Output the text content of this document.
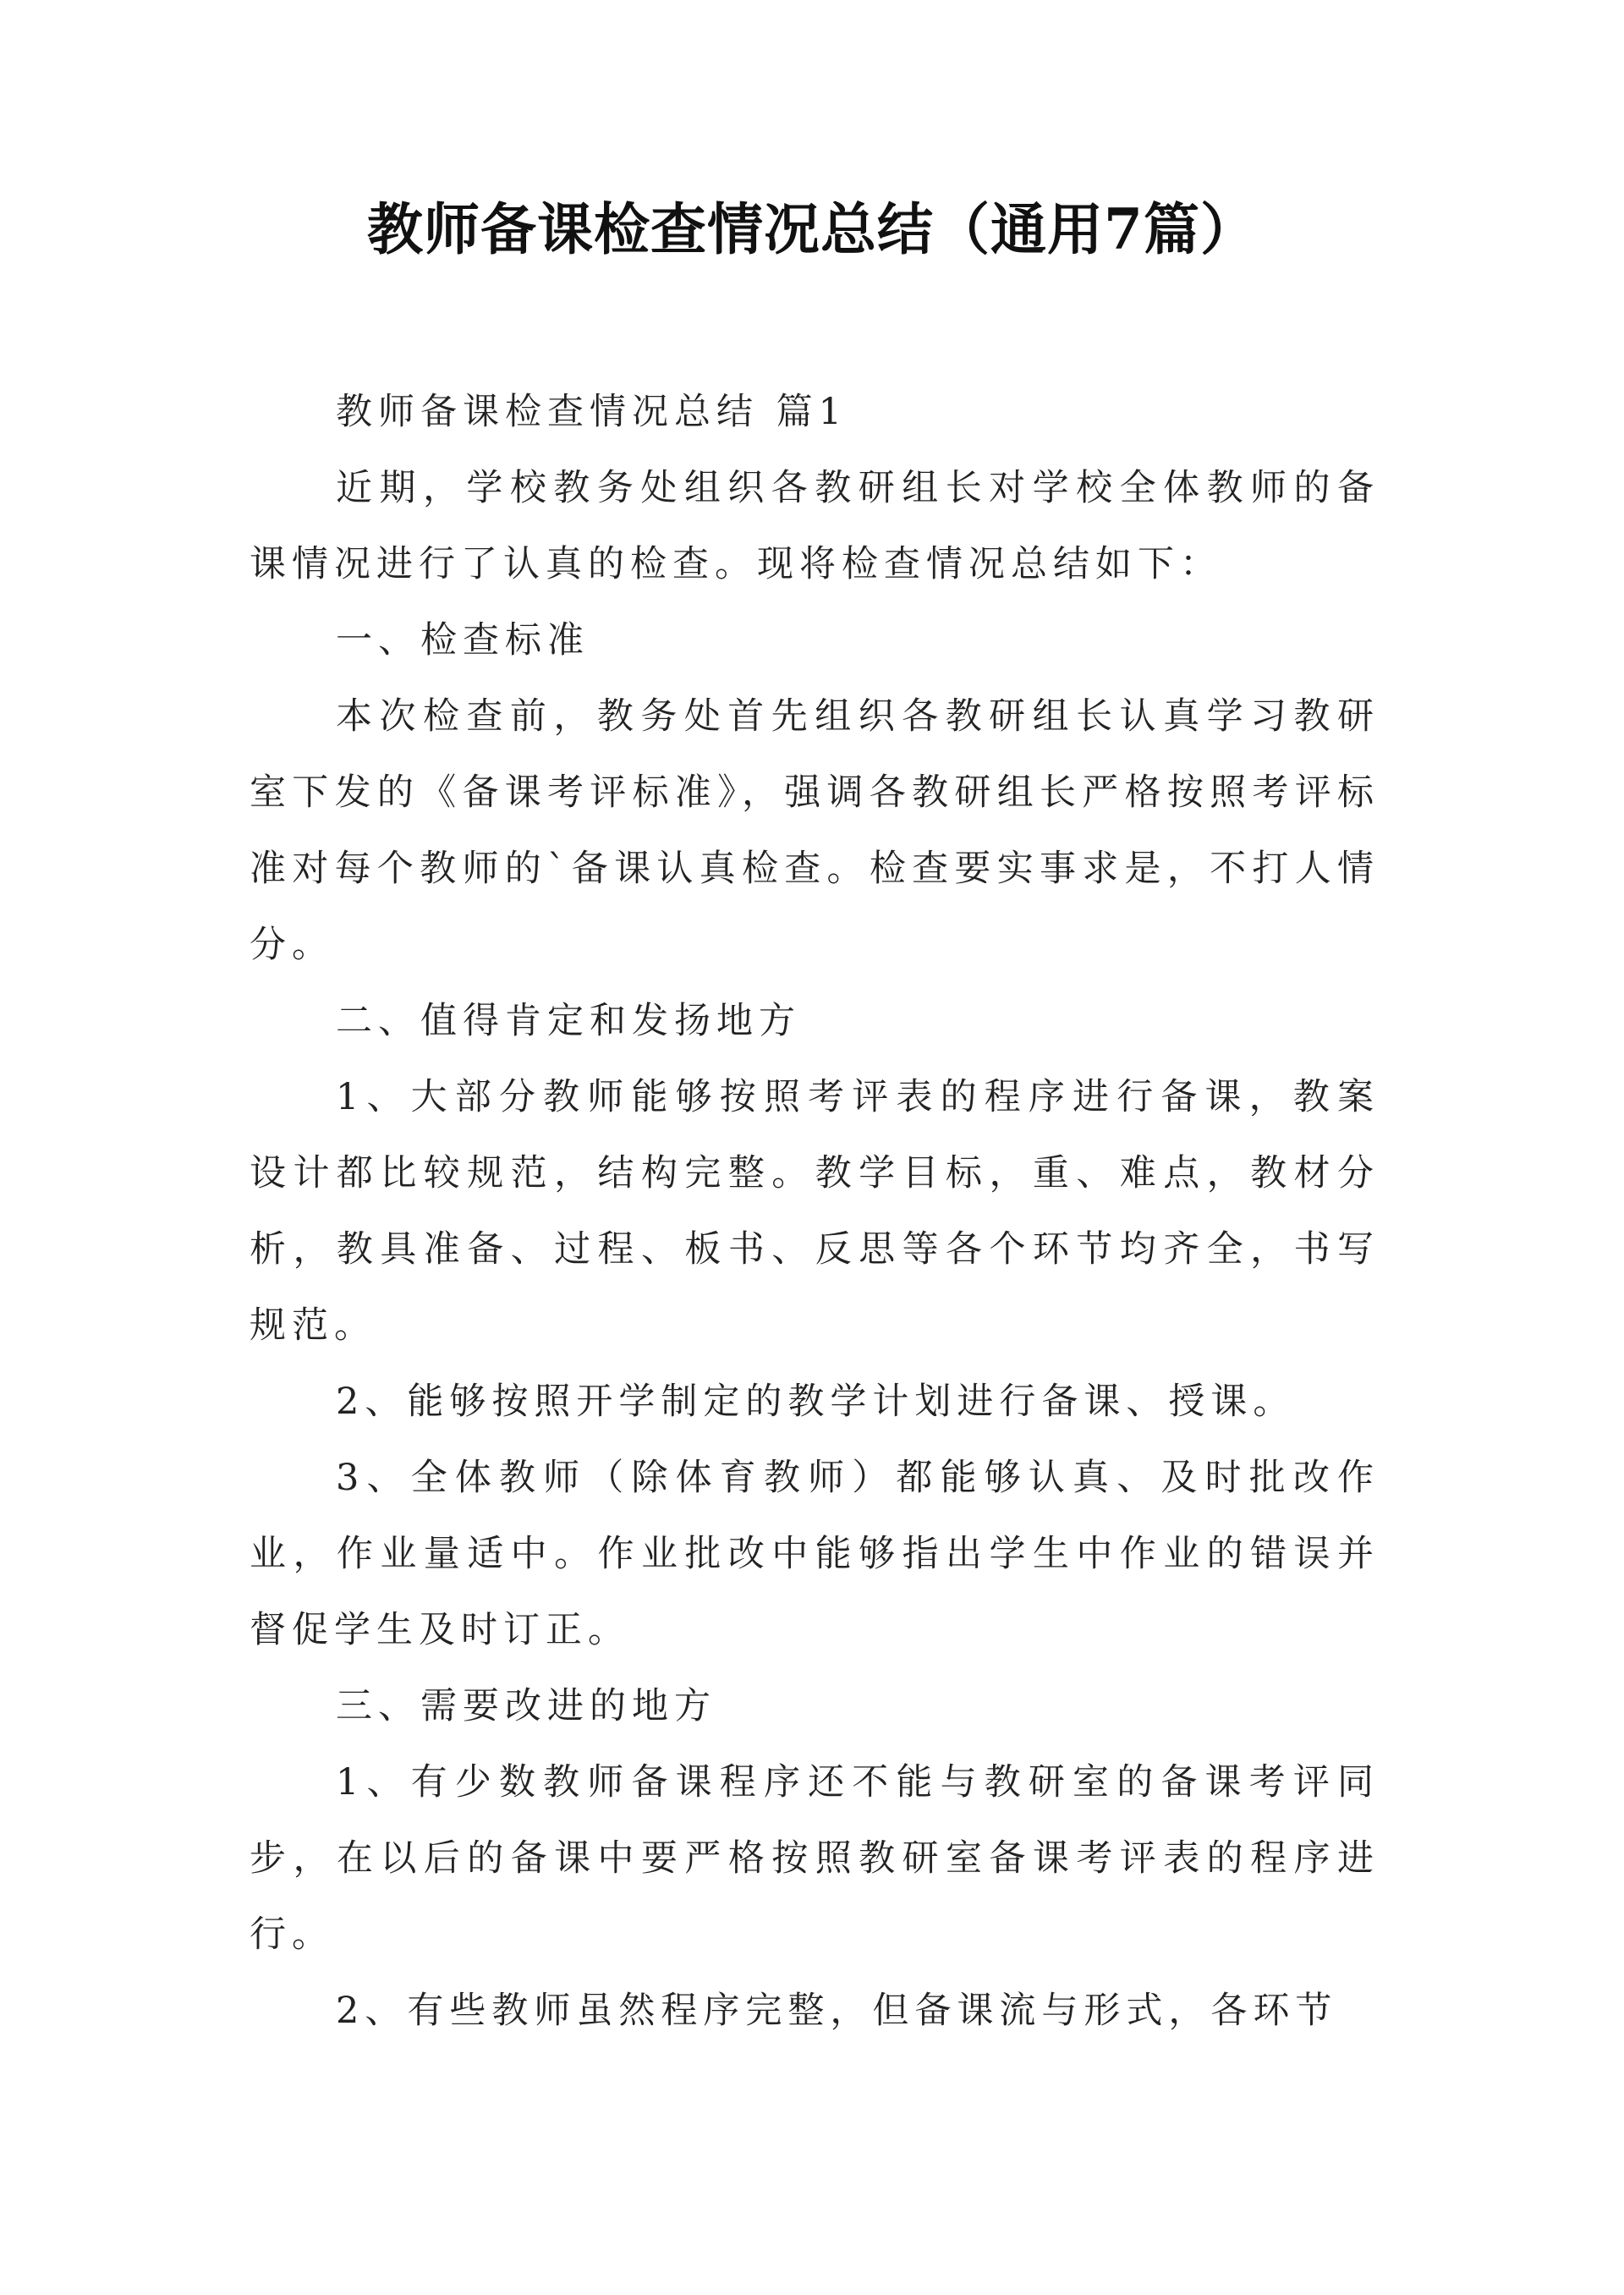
教师备课检查情况总结（通用7篇）

教师备课检查情况总结 篇1

近期，学校教务处组织各教研组长对学校全体教师的备课情况进行了认真的检查。现将检查情况总结如下：

一、检查标准

本次检查前，教务处首先组织各教研组长认真学习教研室下发的《备课考评标准》，强调各教研组长严格按照考评标准对每个教师的`备课认真检查。检查要实事求是，不打人情分。

二、值得肯定和发扬地方

1、大部分教师能够按照考评表的程序进行备课，教案设计都比较规范，结构完整。教学目标，重、难点，教材分析，教具准备、过程、板书、反思等各个环节均齐全，书写规范。

2、能够按照开学制定的教学计划进行备课、授课。

3、全体教师（除体育教师）都能够认真、及时批改作业，作业量适中。作业批改中能够指出学生中作业的错误并督促学生及时订正。

三、需要改进的地方

1、有少数教师备课程序还不能与教研室的备课考评同步，在以后的备课中要严格按照教研室备课考评表的程序进行。

2、有些教师虽然程序完整，但备课流与形式，各环节
